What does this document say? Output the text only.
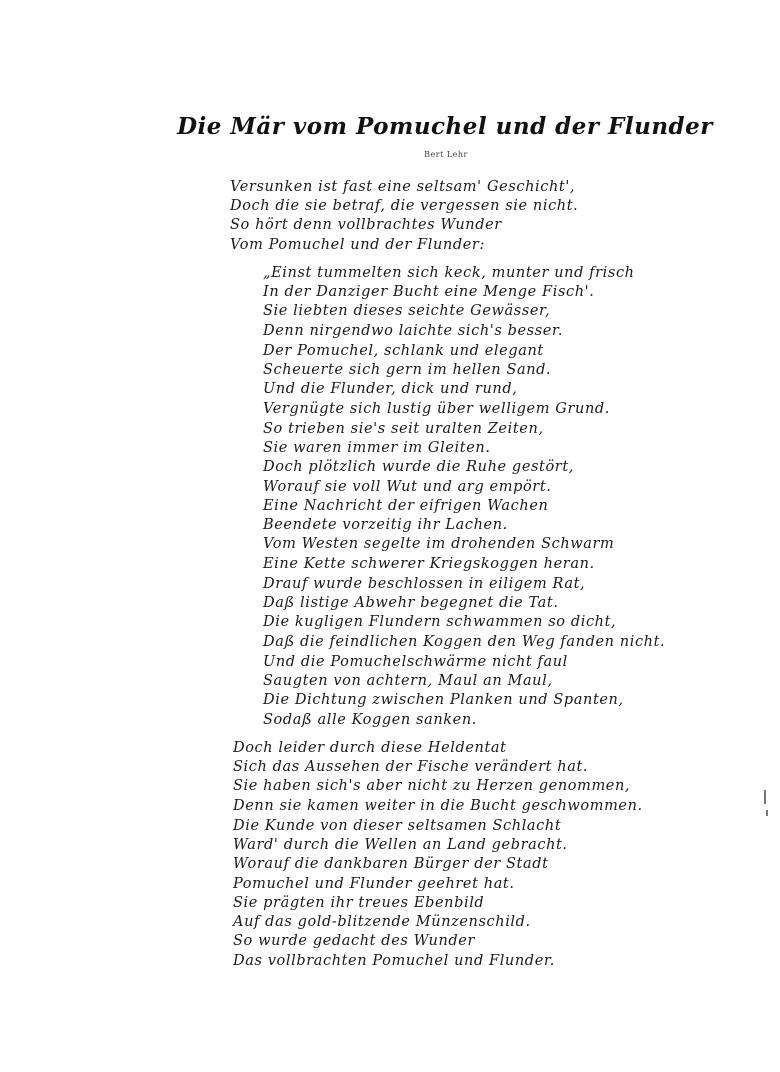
Die Mär vom Pomuchel und der Flunder
Bert Lehr
Versunken ist fast eine seltsam' Geschicht',
Doch die sie betraf, die vergessen sie nicht.
So hört denn vollbrachtes Wunder
Vom Pomuchel und der Flunder:
„Einst tummelten sich keck, munter und frisch
In der Danziger Bucht eine Menge Fisch'.
Sie liebten dieses seichte Gewässer,
Denn nirgendwo laichte sich's besser.
Der Pomuchel, schlank und elegant
Scheuerte sich gern im hellen Sand.
Und die Flunder, dick und rund,
Vergnügte sich lustig über welligem Grund.
So trieben sie's seit uralten Zeiten,
Sie waren immer im Gleiten.
Doch plötzlich wurde die Ruhe gestört,
Worauf sie voll Wut und arg empört.
Eine Nachricht der eifrigen Wachen
Beendete vorzeitig ihr Lachen.
Vom Westen segelte im drohenden Schwarm
Eine Kette schwerer Kriegskoggen heran.
Drauf wurde beschlossen in eiligem Rat,
Daß listige Abwehr begegnet die Tat.
Die kugligen Flundern schwammen so dicht,
Daß die feindlichen Koggen den Weg fanden nicht.
Und die Pomuchelschwärme nicht faul
Saugten von achtern, Maul an Maul,
Die Dichtung zwischen Planken und Spanten,
Sodaß alle Koggen sanken.
Doch leider durch diese Heldentat
Sich das Aussehen der Fische verändert hat.
Sie haben sich's aber nicht zu Herzen genommen,
Denn sie kamen weiter in die Bucht geschwommen.
Die Kunde von dieser seltsamen Schlacht
Ward' durch die Wellen an Land gebracht.
Worauf die dankbaren Bürger der Stadt
Pomuchel und Flunder geehret hat.
Sie prägten ihr treues Ebenbild
Auf das gold-blitzende Münzenschild.
So wurde gedacht des Wunder
Das vollbrachten Pomuchel und Flunder.
